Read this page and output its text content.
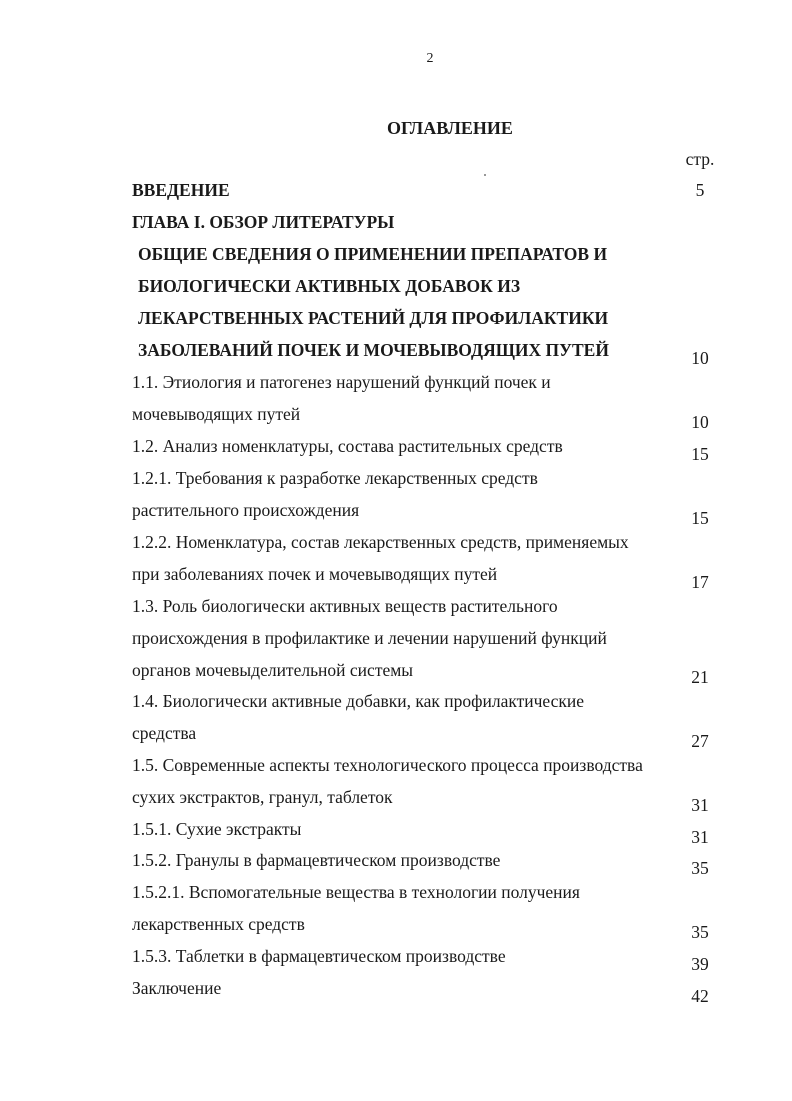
2
ОГЛАВЛЕНИЕ
стр.
ВВЕДЕНИЕ	5
ГЛАВА I. ОБЗОР ЛИТЕРАТУРЫ
ОБЩИЕ СВЕДЕНИЯ О ПРИМЕНЕНИИ ПРЕПАРАТОВ И
БИОЛОГИЧЕСКИ АКТИВНЫХ ДОБАВОК ИЗ
ЛЕКАРСТВЕННЫХ РАСТЕНИЙ ДЛЯ ПРОФИЛАКТИКИ
ЗАБОЛЕВАНИЙ ПОЧЕК И МОЧЕВЫВОДЯЩИХ ПУТЕЙ	10
1.1. Этиология и патогенез нарушений функций почек и
мочевыводящих путей	10
1.2. Анализ номенклатуры, состава растительных средств	15
1.2.1. Требования к разработке лекарственных средств
растительного происхождения	15
1.2.2. Номенклатура, состав лекарственных средств, применяемых
при заболеваниях почек и мочевыводящих путей	17
1.3. Роль биологически активных веществ растительного
происхождения в профилактике и лечении нарушений функций
органов мочевыделительной системы	21
1.4. Биологически активные добавки, как профилактические
средства	27
1.5. Современные аспекты технологического процесса производства
сухих экстрактов, гранул, таблеток	31
1.5.1. Сухие экстракты	31
1.5.2. Гранулы в фармацевтическом производстве	35
1.5.2.1. Вспомогательные вещества в технологии получения
лекарственных средств	35
1.5.3. Таблетки в фармацевтическом производстве	39
Заключение	42
